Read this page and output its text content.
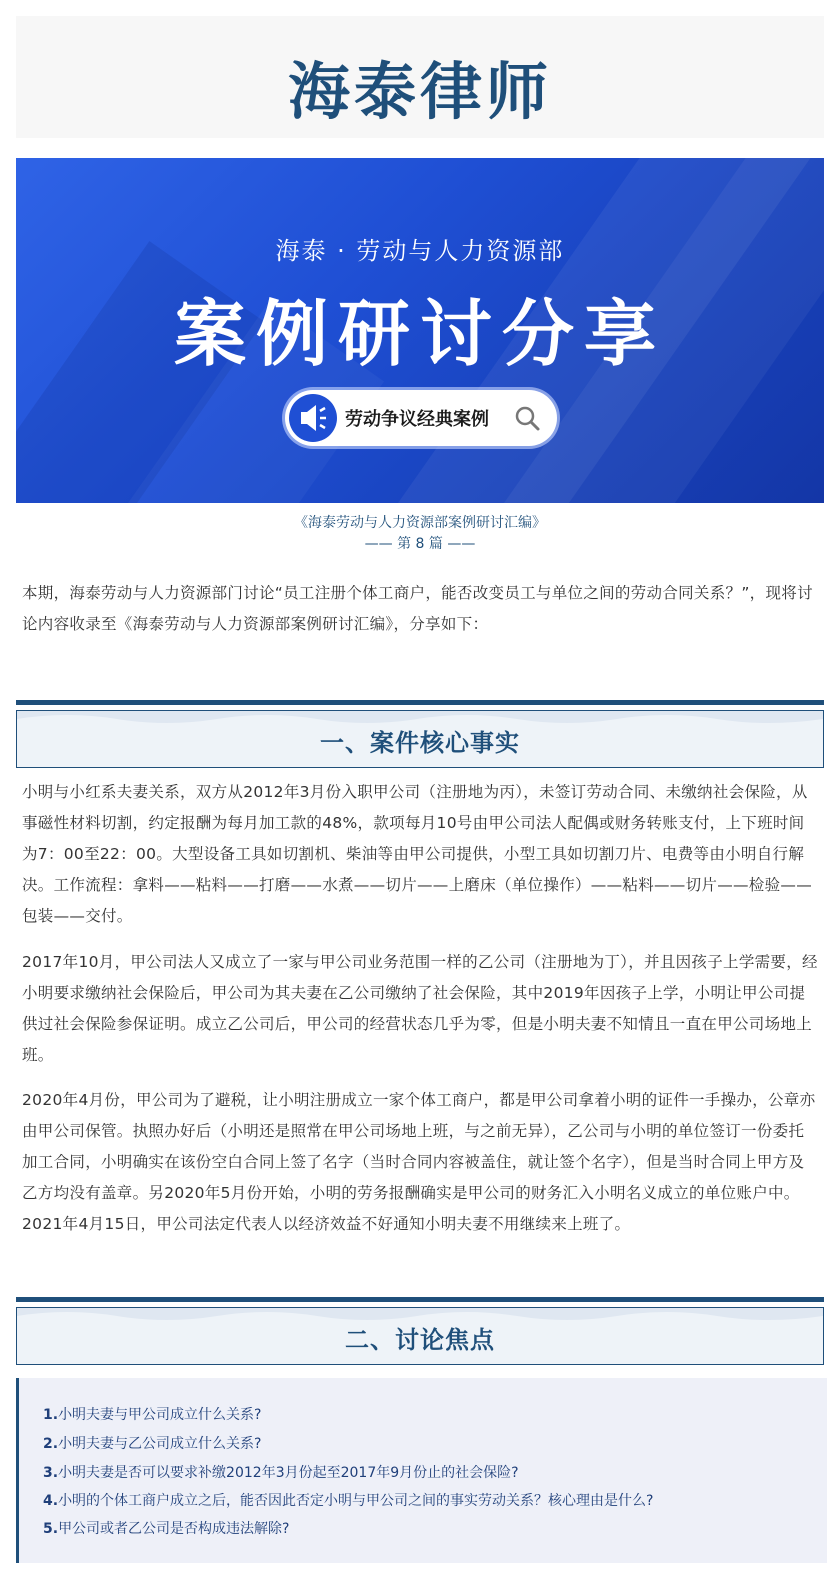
海泰律师
海泰 · 劳动与人力资源部
案例研讨分享
劳动争议经典案例
《海泰劳动与人力资源部案例研讨汇编》
—— 第 8 篇 ——

本期，海泰劳动与人力资源部门讨论“员工注册个体工商户，能否改变员工与单位之间的劳动合同关系？”，现将讨论内容收录至《海泰劳动与人力资源部案例研讨汇编》，分享如下：

一、案件核心事实

小明与小红系夫妻关系，双方从2012年3月份入职甲公司（注册地为丙），未签订劳动合同、未缴纳社会保险，从事磁性材料切割，约定报酬为每月加工款的48%，款项每月10号由甲公司法人配偶或财务转账支付，上下班时间为7：00至22：00。大型设备工具如切割机、柴油等由甲公司提供，小型工具如切割刀片、电费等由小明自行解决。工作流程：拿料——粘料——打磨——水煮——切片——上磨床（单位操作）——粘料——切片——检验——包装——交付。

2017年10月，甲公司法人又成立了一家与甲公司业务范围一样的乙公司（注册地为丁），并且因孩子上学需要，经小明要求缴纳社会保险后，甲公司为其夫妻在乙公司缴纳了社会保险，其中2019年因孩子上学，小明让甲公司提供过社会保险参保证明。成立乙公司后，甲公司的经营状态几乎为零，但是小明夫妻不知情且一直在甲公司场地上班。

2020年4月份，甲公司为了避税，让小明注册成立一家个体工商户，都是甲公司拿着小明的证件一手操办，公章亦由甲公司保管。执照办好后（小明还是照常在甲公司场地上班，与之前无异），乙公司与小明的单位签订一份委托加工合同，小明确实在该份空白合同上签了名字（当时合同内容被盖住，就让签个名字），但是当时合同上甲方及乙方均没有盖章。另2020年5月份开始，小明的劳务报酬确实是甲公司的财务汇入小明名义成立的单位账户中。2021年4月15日，甲公司法定代表人以经济效益不好通知小明夫妻不用继续来上班了。

二、讨论焦点
1.小明夫妻与甲公司成立什么关系?
2.小明夫妻与乙公司成立什么关系?
3.小明夫妻是否可以要求补缴2012年3月份起至2017年9月份止的社会保险?
4.小明的个体工商户成立之后，能否因此否定小明与甲公司之间的事实劳动关系？核心理由是什么?
5.甲公司或者乙公司是否构成违法解除?
